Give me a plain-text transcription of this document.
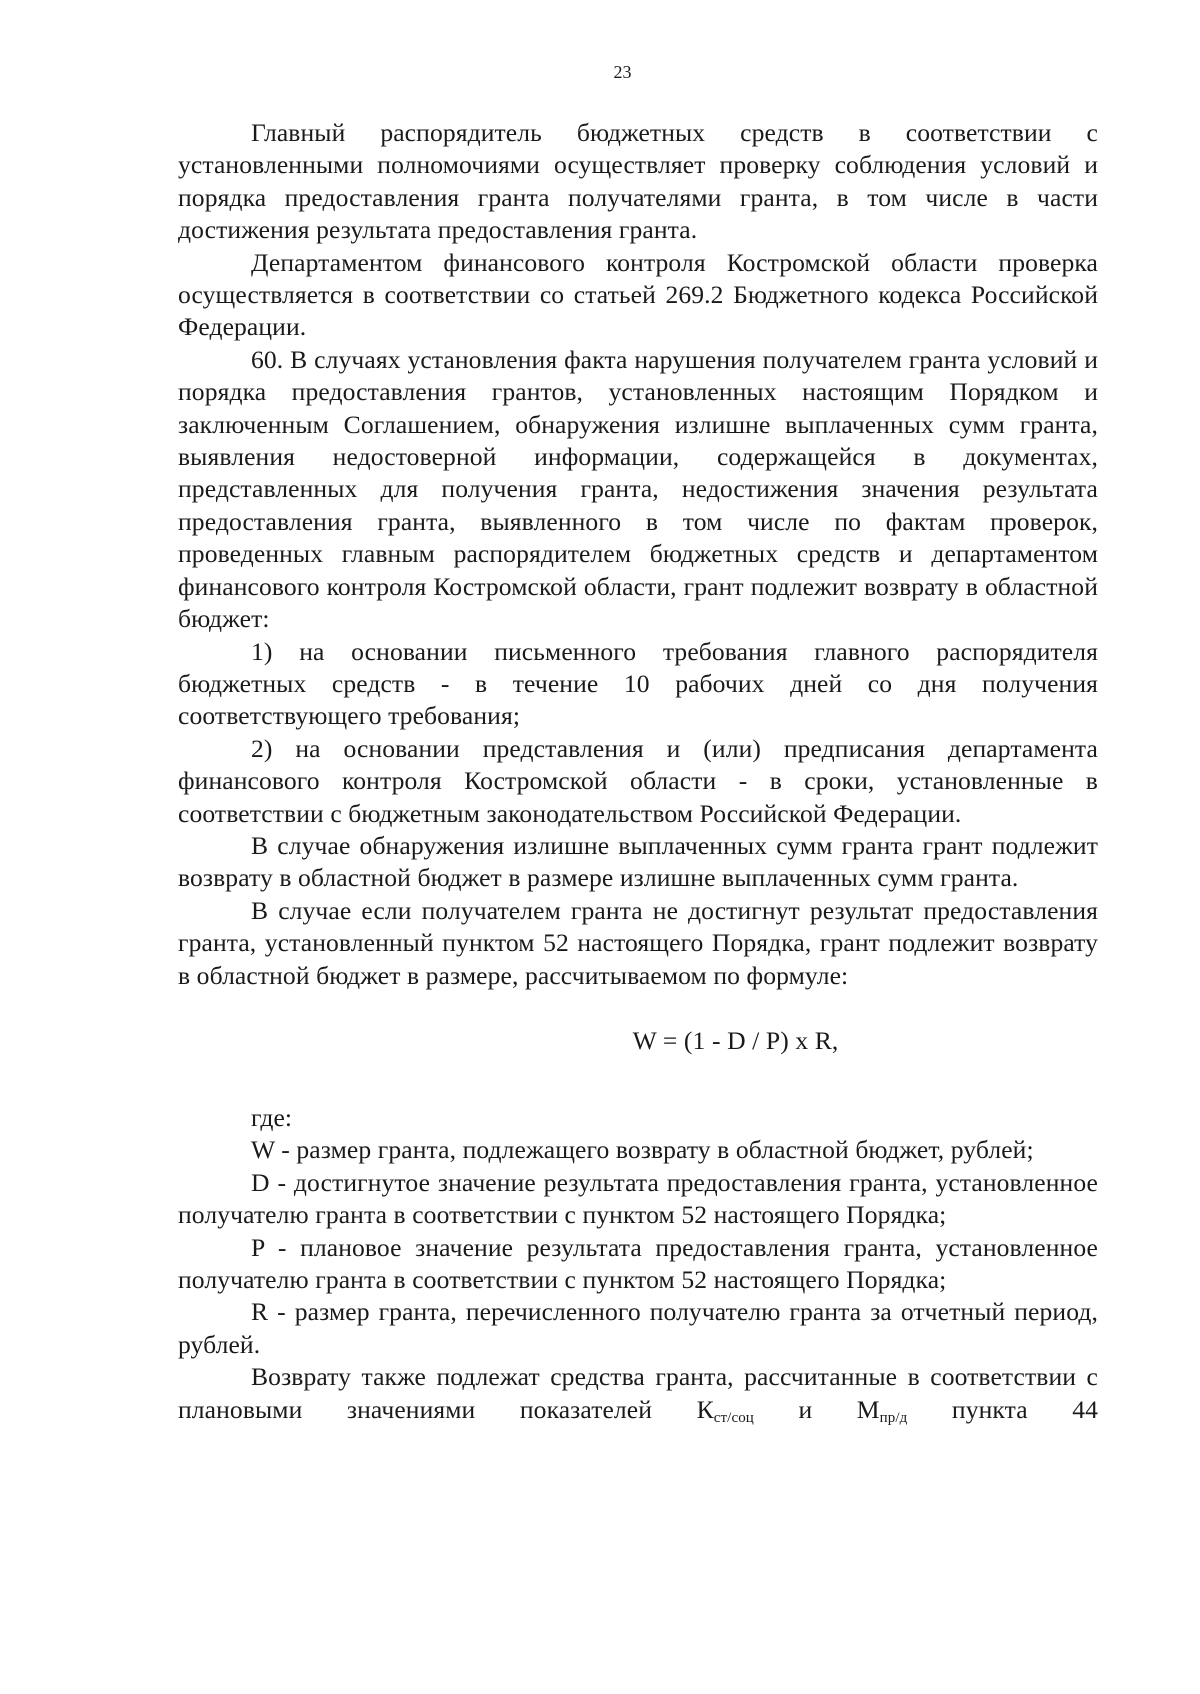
23

Главный распорядитель бюджетных средств в соответствии с установленными полномочиями осуществляет проверку соблюдения условий и порядка предоставления гранта получателями гранта, в том числе в части достижения результата предоставления гранта.

Департаментом финансового контроля Костромской области проверка осуществляется в соответствии со статьей 269.2 Бюджетного кодекса Российской Федерации.

60. В случаях установления факта нарушения получателем гранта условий и порядка предоставления грантов, установленных настоящим Порядком и заключенным Соглашением, обнаружения излишне выплаченных сумм гранта, выявления недостоверной информации, содержащейся в документах, представленных для получения гранта, недостижения значения результата предоставления гранта, выявленного в том числе по фактам проверок, проведенных главным распорядителем бюджетных средств и департаментом финансового контроля Костромской области, грант подлежит возврату в областной бюджет:

1) на основании письменного требования главного распорядителя бюджетных средств - в течение 10 рабочих дней со дня получения соответствующего требования;

2) на основании представления и (или) предписания департамента финансового контроля Костромской области - в сроки, установленные в соответствии с бюджетным законодательством Российской Федерации.

В случае обнаружения излишне выплаченных сумм гранта грант подлежит возврату в областной бюджет в размере излишне выплаченных сумм гранта.

В случае если получателем гранта не достигнут результат предоставления гранта, установленный пунктом 52 настоящего Порядка, грант подлежит возврату в областной бюджет в размере, рассчитываемом по формуле:

W = (1 - D / P) x R,

где:

W - размер гранта, подлежащего возврату в областной бюджет, рублей;

D - достигнутое значение результата предоставления гранта, установленное получателю гранта в соответствии с пунктом 52 настоящего Порядка;

P - плановое значение результата предоставления гранта, установленное получателю гранта в соответствии с пунктом 52 настоящего Порядка;

R - размер гранта, перечисленного получателю гранта за отчетный период, рублей.

Возврату также подлежат средства гранта, рассчитанные в соответствии с плановыми значениями показателей $К_{ст/соц}$ и $М_{пр/д}$ пункта 44
